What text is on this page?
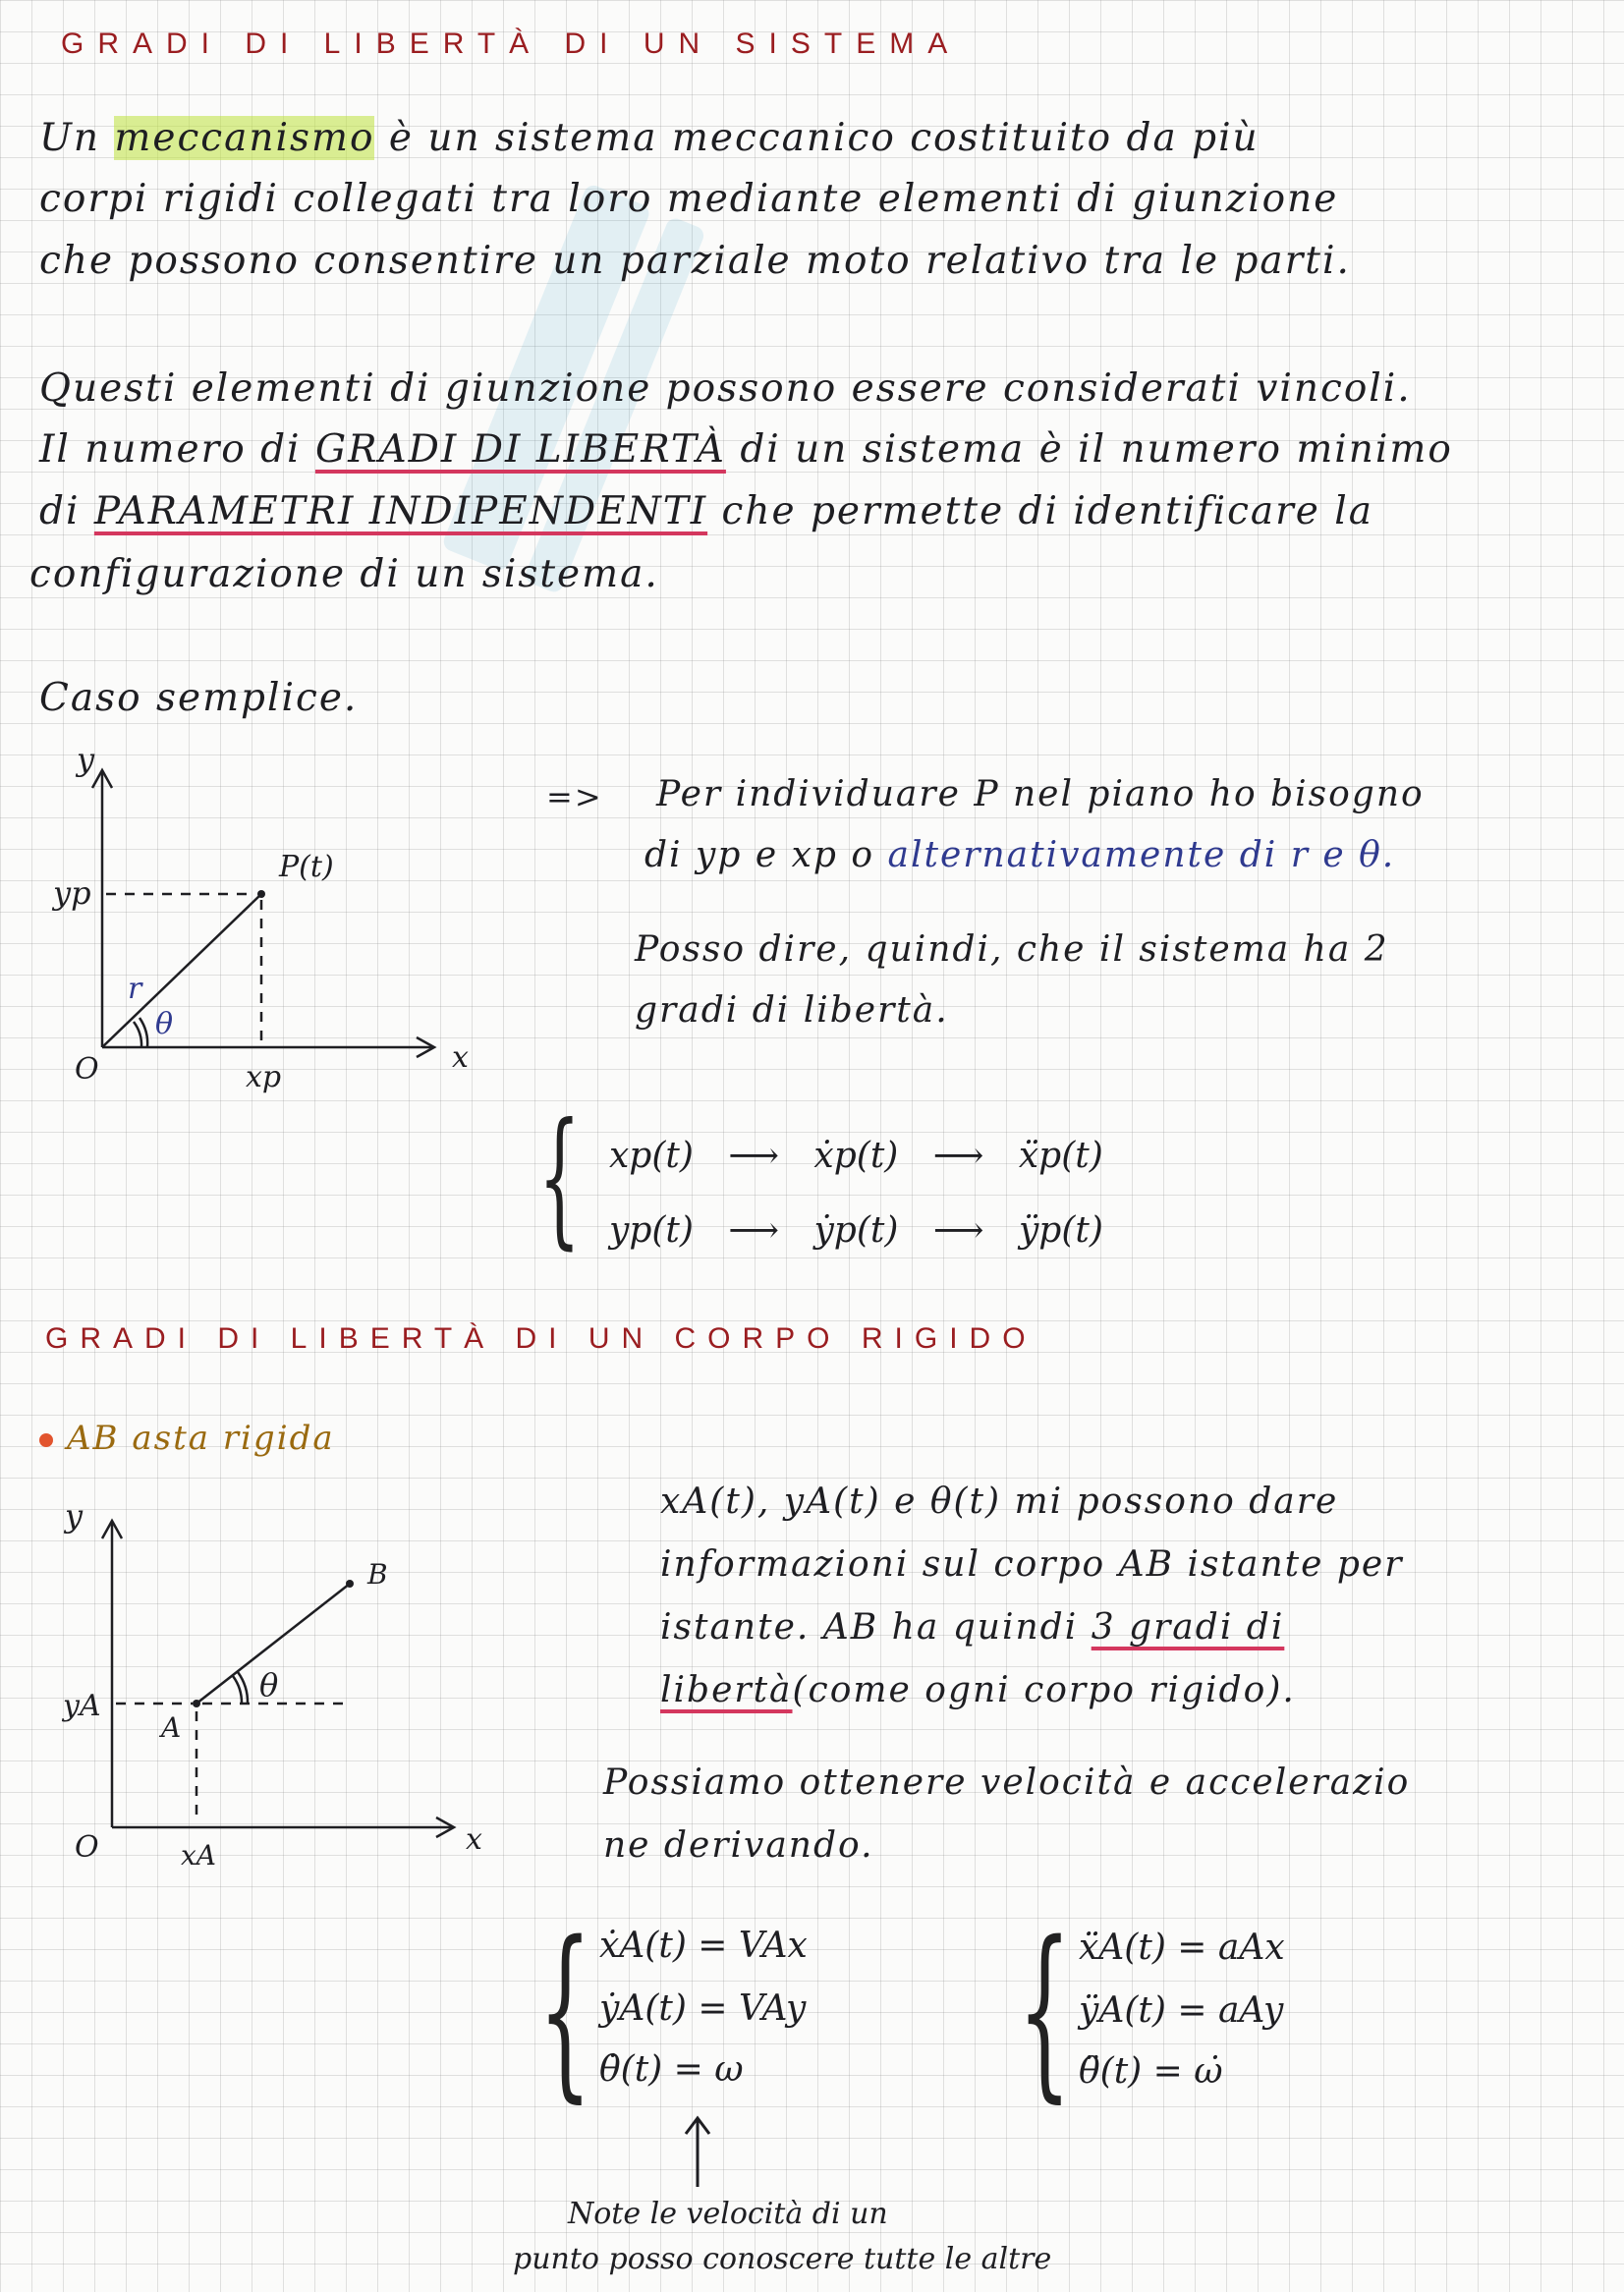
GRADI DI LIBERTÀ DI UN SISTEMA
Un meccanismo è un sistema meccanico costituito da più
corpi rigidi collegati tra loro mediante elementi di giunzione
che possono consentire un parziale moto relativo tra le parti.
Questi elementi di giunzione possono essere considerati vincoli.
Il numero di GRADI DI LIBERTÀ di un sistema è il numero minimo
di PARAMETRI INDIPENDENTI che permette di identificare la
configurazione di un sistema.
Caso semplice.
y
x
O
yp
xp
P(t)
r
θ
=> Per individuare P nel piano ho bisogno
di yp e xp o alternativamente di r e θ.
Posso dire, quindi, che il sistema ha 2
gradi di libertà.
{ xp(t) ⟶ ẋp(t) ⟶ ẍp(t)
yp(t) ⟶ ẏp(t) ⟶ ÿp(t)
GRADI DI LIBERTÀ DI UN CORPO RIGIDO
AB asta rigida
y
x
O
yA
xA
A
B
θ
xA(t), yA(t) e θ(t) mi possono dare
informazioni sul corpo AB istante per
istante. AB ha quindi 3 gradi di
libertà(come ogni corpo rigido).
Possiamo ottenere velocità e accelerazio
ne derivando.
{ ẋA(t) = VAx
ẏA(t) = VAy
θ̇(t) = ω { ẍA(t) = aAx
ÿA(t) = aAy
θ̈(t) = ω̇
Note le velocità di un
punto posso conoscere tutte le altre
